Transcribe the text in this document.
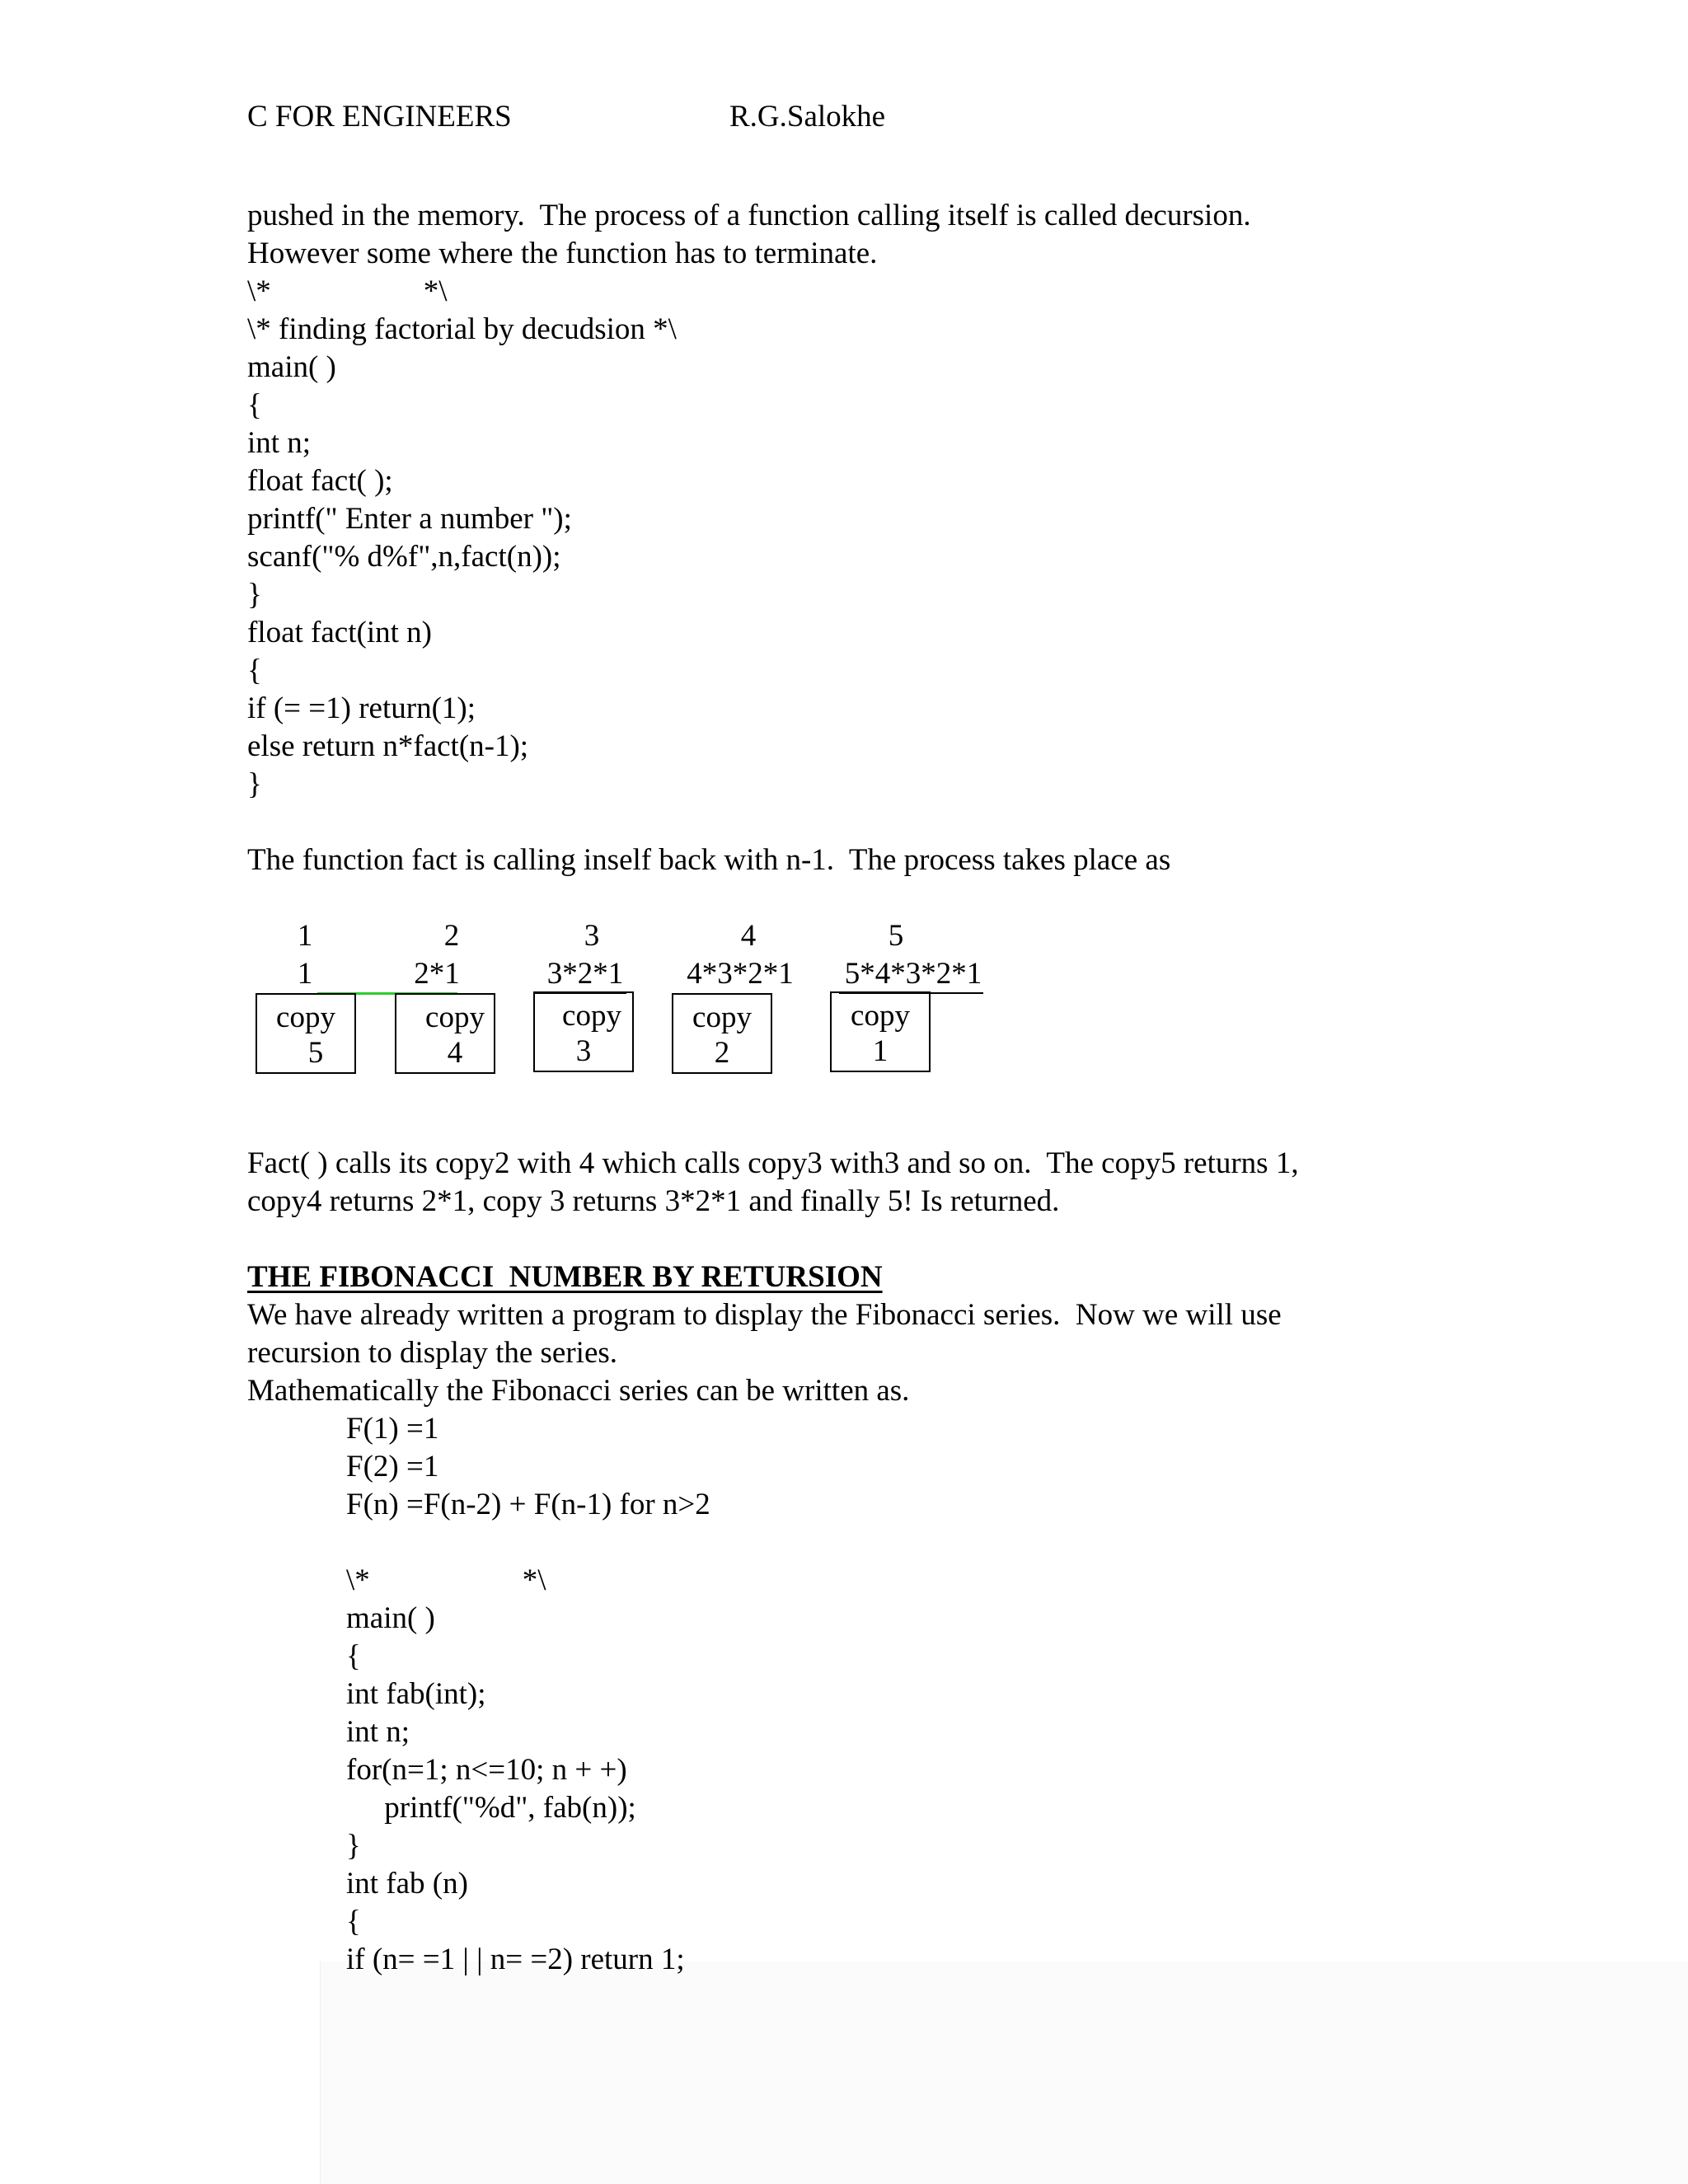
C FOR ENGINEERS	R.G.Salokhe
pushed in the memory.  The process of a function calling itself is called decursion.
However some where the function has to terminate.
\*                    *\
\* finding factorial by decudsion *\
main( )
{
int n;
float fact( );
printf(" Enter a number ");
scanf("% d%f",n,fact(n));
}
float fact(int n)
{
if (= =1) return(1);
else return n*fact(n-1);
}
The function fact is calling inself back with n-1.  The process takes place as
1	2	3	4	5
1	2*1	3*2*1 4*3*2*1 5*4*3*2*1
copy
5
copy
4
copy
3
copy
2
copy
1
Fact( ) calls its copy2 with 4 which calls copy3 with3 and so on.  The copy5 returns 1,
copy4 returns 2*1, copy 3 returns 3*2*1 and finally 5! Is returned.
THE FIBONACCI  NUMBER BY RETURSION
We have already written a program to display the Fibonacci series.  Now we will use
recursion to display the series.
Mathematically the Fibonacci series can be written as.
F(1) =1
F(2) =1
F(n) =F(n-2) + F(n-1) for n>2
\*                    *\
main( )
{
int fab(int);
int n;
for(n=1; n<=10; n + +)
printf("%d", fab(n));
}
int fab (n)
{
if (n= =1 | | n= =2) return 1;
